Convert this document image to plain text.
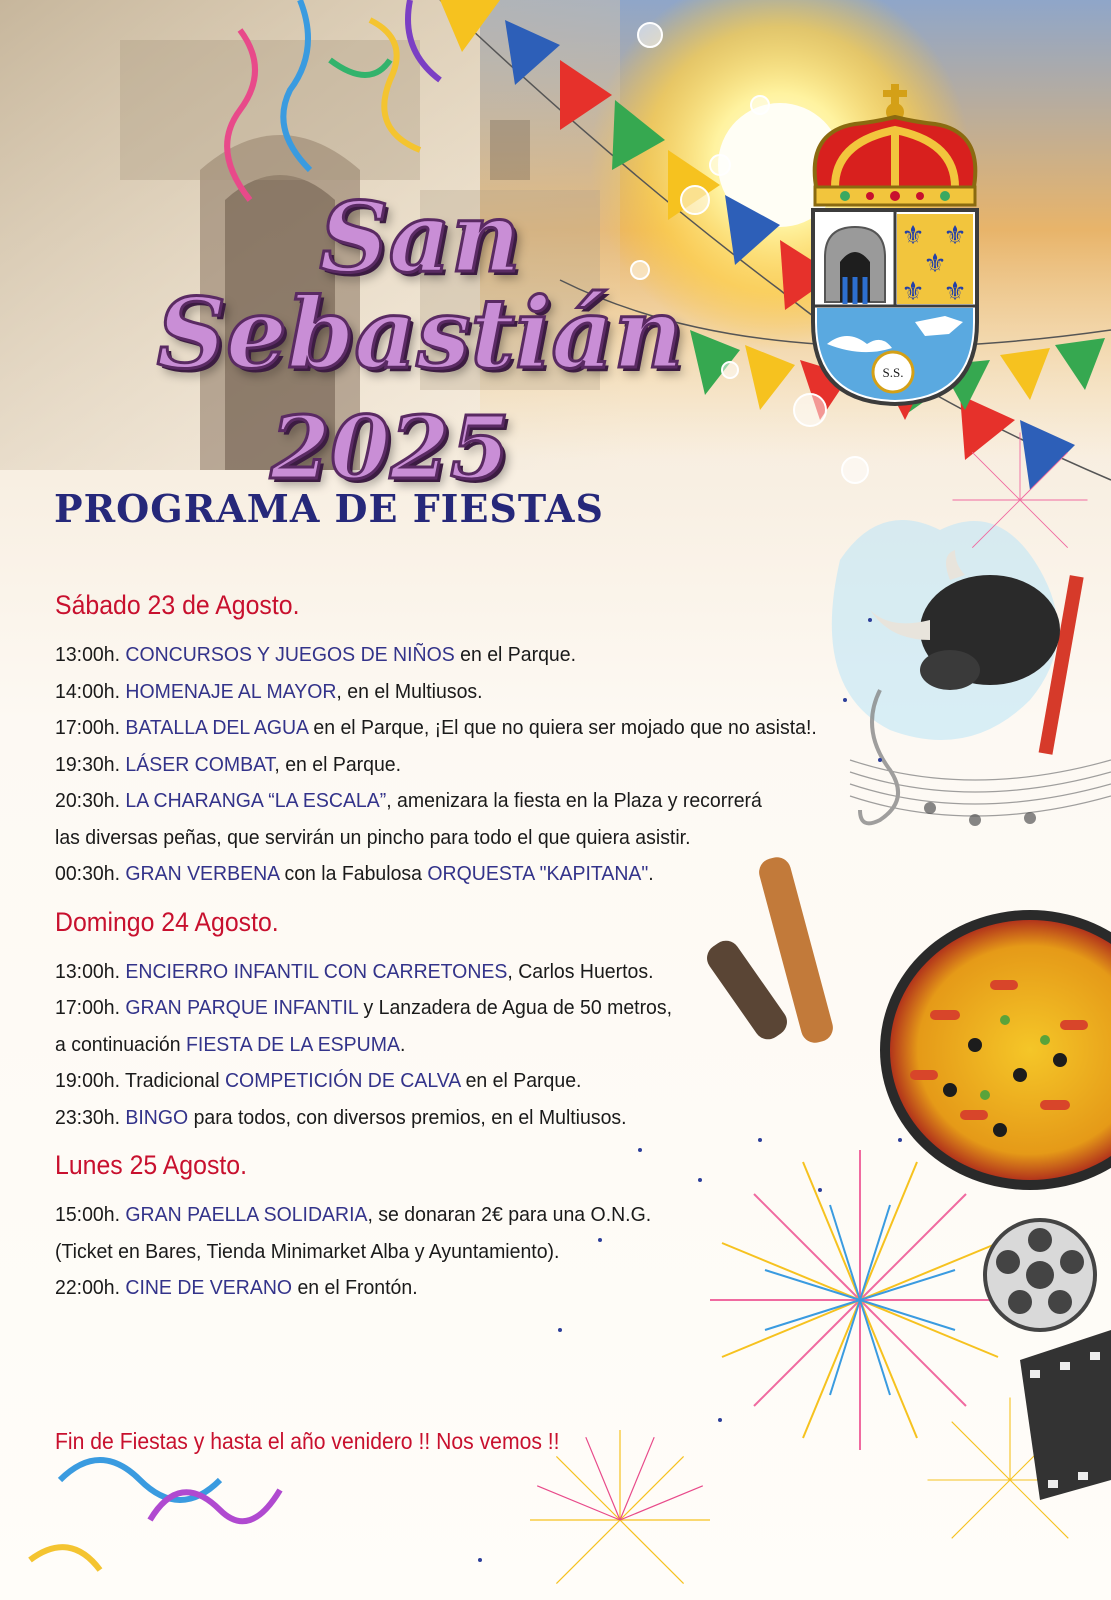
⚜ ⚜
⚜
⚜ ⚜
S.S.
San Sebastián
2025
PROGRAMA DE FIESTAS
Sábado 23 de Agosto.
13:00h. CONCURSOS Y JUEGOS DE NIÑOS en el Parque.
14:00h. HOMENAJE AL MAYOR, en el Multiusos.
17:00h. BATALLA DEL AGUA en el Parque, ¡El que no quiera ser mojado que no asista!.
19:30h. LÁSER COMBAT, en el Parque.
20:30h. LA CHARANGA “LA ESCALA”, amenizara la fiesta en la Plaza y recorrerá
las diversas peñas, que servirán un pincho para todo el que quiera asistir.
00:30h. GRAN VERBENA con la Fabulosa ORQUESTA "KAPITANA".
Domingo 24 Agosto.
13:00h. ENCIERRO INFANTIL CON CARRETONES, Carlos Huertos.
17:00h. GRAN PARQUE INFANTIL y Lanzadera de Agua de 50 metros,
a continuación FIESTA DE LA ESPUMA.
19:00h. Tradicional COMPETICIÓN DE CALVA en el Parque.
23:30h. BINGO para todos, con diversos premios, en el Multiusos.
Lunes 25 Agosto.
15:00h. GRAN PAELLA SOLIDARIA, se donaran 2€ para una O.N.G.
(Ticket en Bares, Tienda Minimarket Alba y Ayuntamiento).
22:00h. CINE DE VERANO en el Frontón.
Fin de Fiestas y hasta el año venidero !! Nos vemos !!
